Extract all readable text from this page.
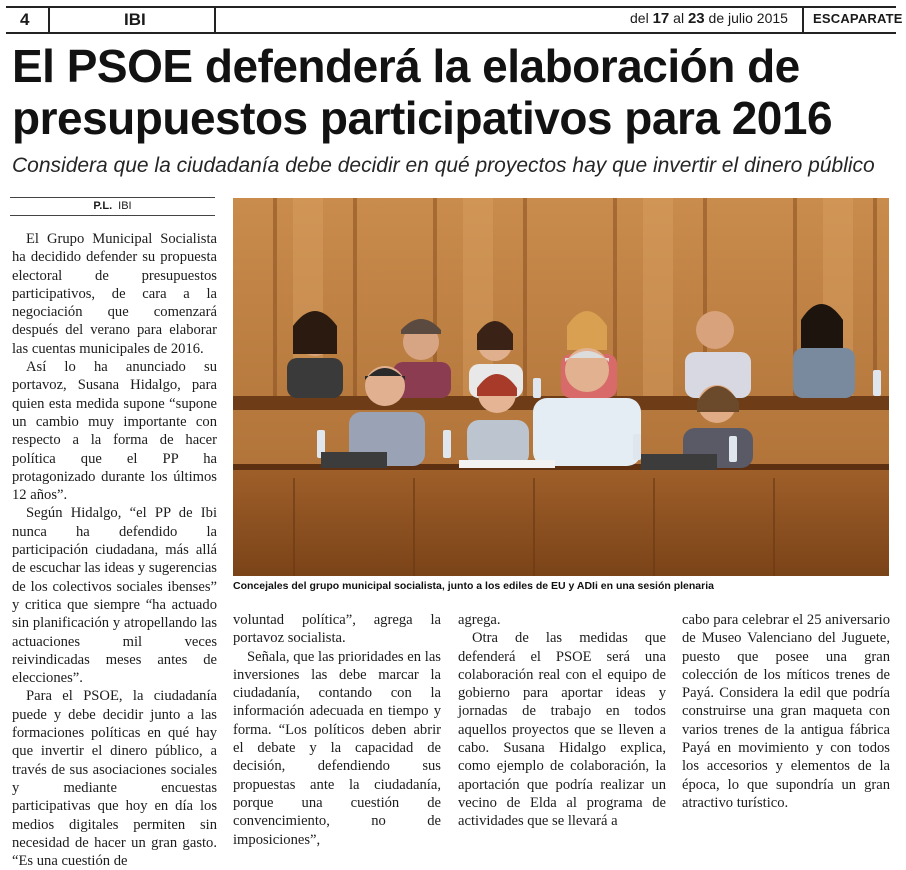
4	IBI	del 17 al 23 de julio 2015 ESCAPARATE
El PSOE defenderá la elaboración de presupuestos participativos para 2016
Considera que la ciudadanía debe decidir en qué proyectos hay que invertir el dinero público
P.L. IBI
Concejales del grupo municipal socialista, junto a los ediles de EU y ADIi en una sesión plenaria

El Grupo Municipal Socialista ha decidido defender su propuesta electoral de presupuestos participativos, de cara a la negociación que comenzará después del verano para elaborar las cuentas municipales de 2016.

Así lo ha anunciado su portavoz, Susana Hidalgo, para quien esta medida supone “supone un cambio muy importante con respecto a la forma de hacer política que el PP ha protagonizado durante los últimos 12 años”.

Según Hidalgo, “el PP de Ibi nunca ha defendido la participación ciudadana, más allá de escuchar las ideas y sugerencias de los colectivos sociales ibenses” y critica que siempre “ha actuado sin planificación y atropellando las actuaciones mil veces reivindicadas meses antes de elecciones”.

Para el PSOE, la ciudadanía puede y debe decidir junto a las formaciones políticas en qué hay que invertir el dinero público, a través de sus asociaciones sociales y mediante encuestas participativas que hoy en día los medios digitales permiten sin necesidad de hacer un gran gasto. “Es una cuestión de

voluntad política”, agrega la portavoz socialista.

Señala, que las prioridades en las inversiones las debe marcar la ciudadanía, contando con la información adecuada en tiempo y forma. “Los políticos deben abrir el debate y la capacidad de decisión, defendiendo sus propuestas ante la ciudadanía, porque una cuestión de convencimiento, no de imposiciones”,

agrega.

Otra de las medidas que defenderá el PSOE será una colaboración real con el equipo de gobierno para aportar ideas y jornadas de trabajo en todos aquellos proyectos que se lleven a cabo. Susana Hidalgo explica, como ejemplo de colaboración, la aportación que podría realizar un vecino de Elda al programa de actividades que se llevará a

cabo para celebrar el 25 aniversario de Museo Valenciano del Juguete, puesto que posee una gran colección de los míticos trenes de Payá. Considera la edil que podría construirse una gran maqueta con varios trenes de la antigua fábrica Payá en movimiento y con todos los accesorios y elementos de la época, lo que supondría un gran atractivo turístico.
